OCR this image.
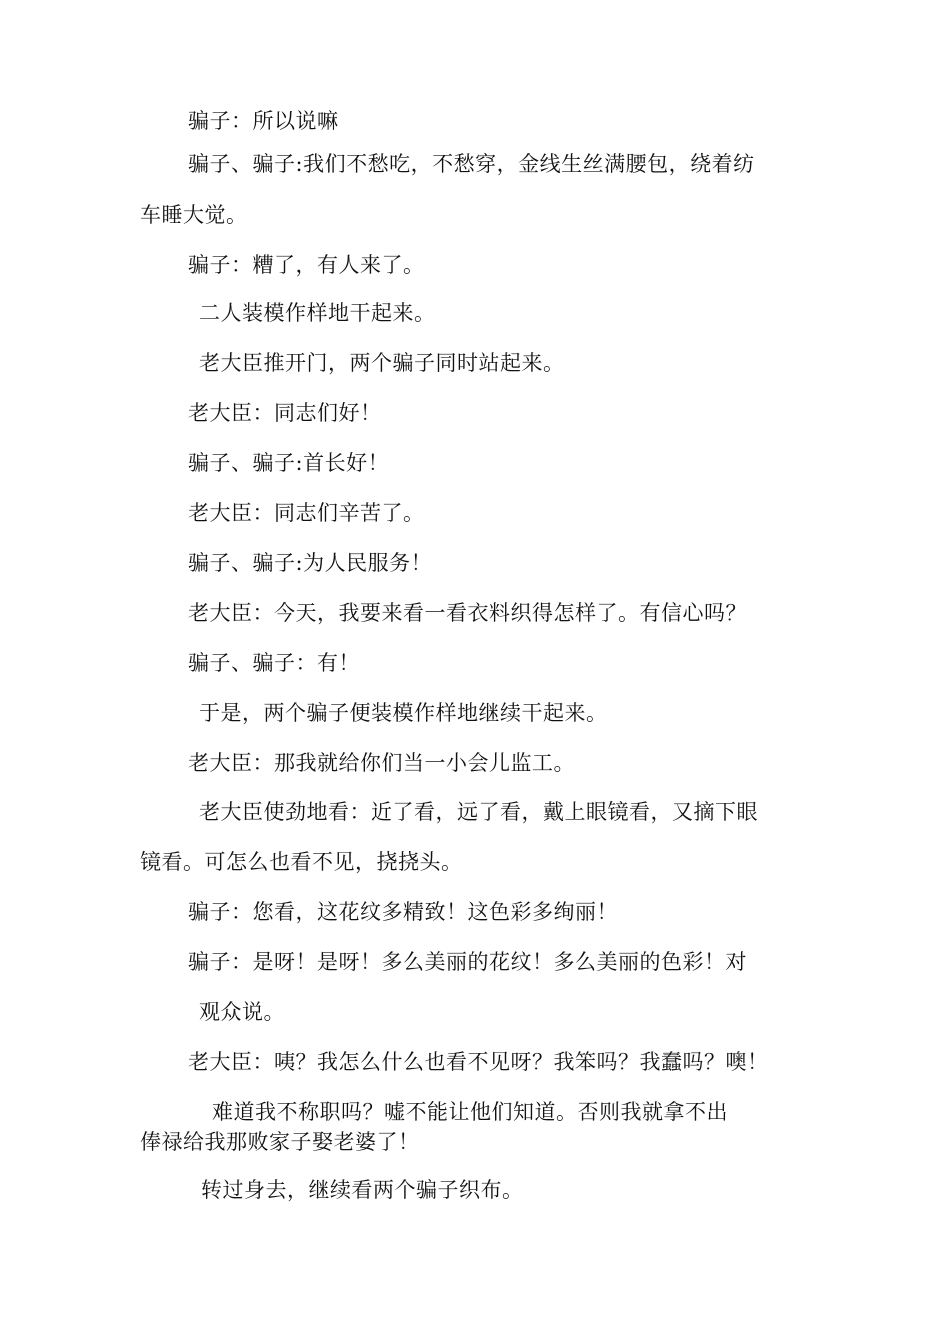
骗子：所以说嘛
骗子、骗子:我们不愁吃，不愁穿，金线生丝满腰包，绕着纺
车睡大觉。
骗子：糟了，有人来了。
二人装模作样地干起来。
老大臣推开门，两个骗子同时站起来。
老大臣：同志们好！
骗子、骗子:首长好！
老大臣：同志们辛苦了。
骗子、骗子:为人民服务！
老大臣：今天，我要来看一看衣料织得怎样了。有信心吗？
骗子、骗子：有！
于是，两个骗子便装模作样地继续干起来。
老大臣：那我就给你们当一小会儿监工。
老大臣使劲地看：近了看，远了看，戴上眼镜看，又摘下眼
镜看。可怎么也看不见，挠挠头。
骗子：您看，这花纹多精致！这色彩多绚丽！
骗子：是呀！是呀！多么美丽的花纹！多么美丽的色彩！对
观众说。
老大臣：咦？我怎么什么也看不见呀？我笨吗？我蠢吗？噢！
难道我不称职吗？嘘不能让他们知道。否则我就拿不出
俸禄给我那败家子娶老婆了！
转过身去，继续看两个骗子织布。
